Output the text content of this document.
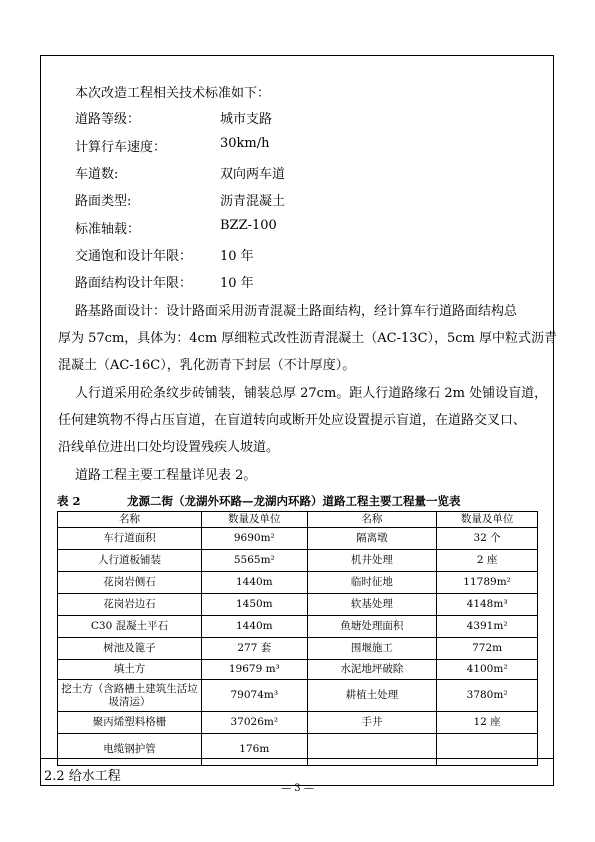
本次改造工程相关技术标准如下：
道路等级：	城市支路
计算行车速度：	30km/h
车道数:	双向两车道
路面类型:	沥青混凝土
标准轴载：	BZZ-100
交通饱和设计年限： 10 年
路面结构设计年限： 10 年
路基路面设计：设计路面采用沥青混凝土路面结构，经计算车行道路面结构总
厚为 57cm，具体为：4cm 厚细粒式改性沥青混凝土（AC-13C），5cm 厚中粒式沥青
混凝土（AC-16C），乳化沥青下封层（不计厚度）。
人行道采用砼条纹步砖铺装，铺装总厚 27cm。距人行道路缘石 2m 处铺设盲道，
任何建筑物不得占压盲道，在盲道转向或断开处应设置提示盲道，在道路交叉口、
沿线单位进出口处均设置残疾人坡道。
道路工程主要工程量详见表 2。
表 2	龙源二街（龙湖外环路—龙湖内环路）道路工程主要工程量一览表
名称	数量及单位	名称	数量及单位
车行道面积	9690m²	隔离墩	32 个
人行道板铺装	5565m²	机井处理	2 座
花岗岩侧石	1440m	临时征地	11789m²
花岗岩边石	1450m	软基处理	4148m³
C30 混凝土平石	1440m	鱼塘处理面积	4391m²
树池及篦子	277 套	围堰施工	772m
填土方	19679 m³	水泥地坪破除	4100m²
挖土方（含路槽土建筑生活垃圾清运）	79074m³	耕植土处理	3780m²
聚丙烯塑料格栅	37026m²	手井	12 座
电缆钢护管	176m		
2.2 给水工程
— 3 —
